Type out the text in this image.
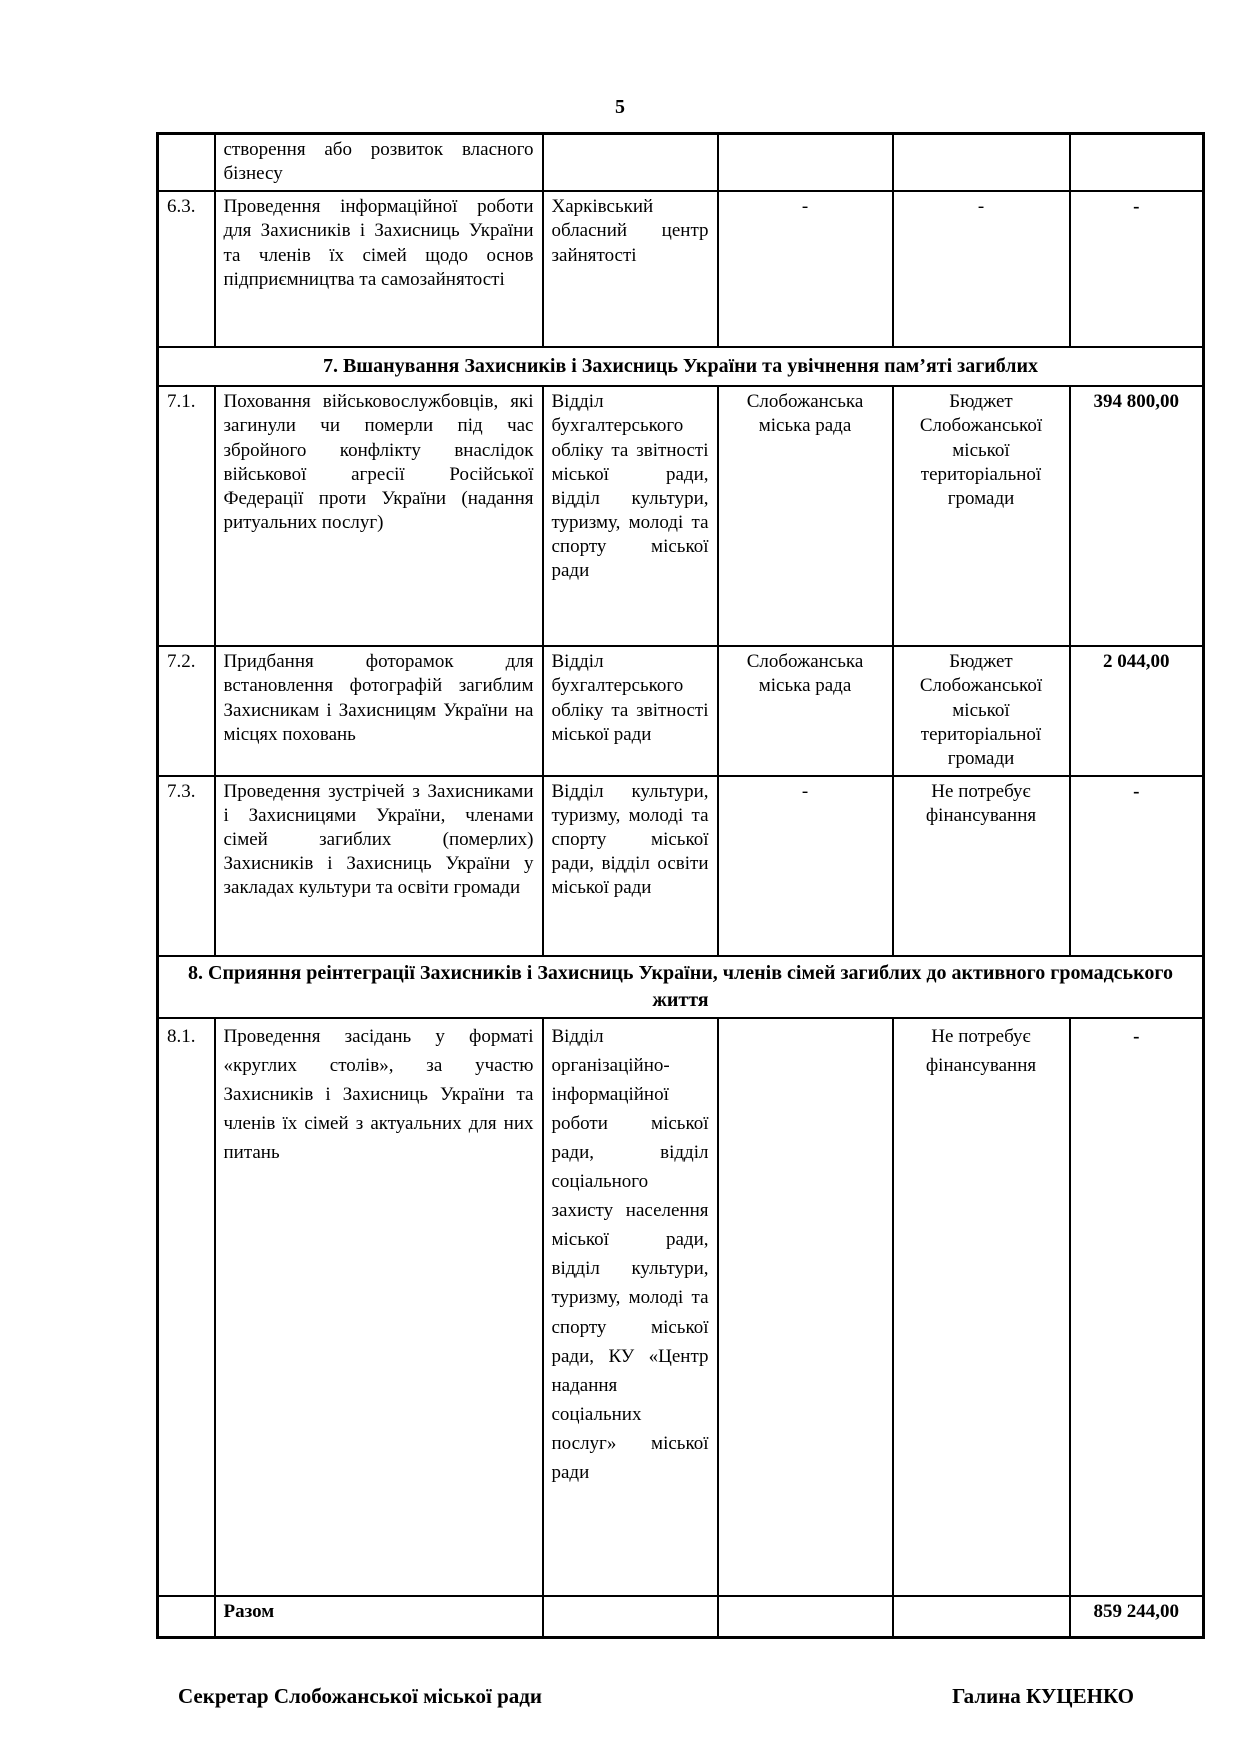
5
	створення або розвиток власного бізнесу				
6.3.	Проведення інформаційної роботи для Захисників і Захисниць України та членів їх сімей щодо основ підприємництва та самозайнятості	Харківський обласний центр зайнятості	-	-	-
7. Вшанування Захисників і Захисниць України та увічнення пам’яті загиблих					
7.1.	Поховання військовослужбовців, які загинули чи померли під час збройного конфлікту внаслідок військової агресії Російської Федерації проти України (надання ритуальних послуг)	Відділ бухгалтерського обліку та звітності міської ради, відділ культури, туризму, молоді та спорту міської ради	Слобожанська міська рада	Бюджет Слобожанської міської територіальної громади	394 800,00
7.2.	Придбання фоторамок для встановлення фотографій загиблим Захисникам і Захисницям України на місцях поховань	Відділ бухгалтерського обліку та звітності міської ради	Слобожанська міська рада	Бюджет Слобожанської міської територіальної громади	2 044,00
7.3.	Проведення зустрічей з Захисниками і Захисницями України, членами сімей загиблих (померлих) Захисників і Захисниць України у закладах культури та освіти громади	Відділ культури, туризму, молоді та спорту міської ради, відділ освіти міської ради	-	Не потребує фінансування	-
8. Сприяння реінтеграції Захисників і Захисниць України, членів сімей загиблих до активного громадського життя					
8.1.	Проведення засідань у форматі «круглих столів», за участю Захисників і Захисниць України та членів їх сімей з актуальних для них питань	Відділ організаційно-інформаційної роботи міської ради, відділ соціального захисту населення міської ради, відділ культури, туризму, молоді та спорту міської ради, КУ «Центр надання соціальних послуг» міської ради		Не потребує фінансування	-
	Разом				859 244,00
Секретар Слобожанської міської ради	Галина КУЦЕНКО
